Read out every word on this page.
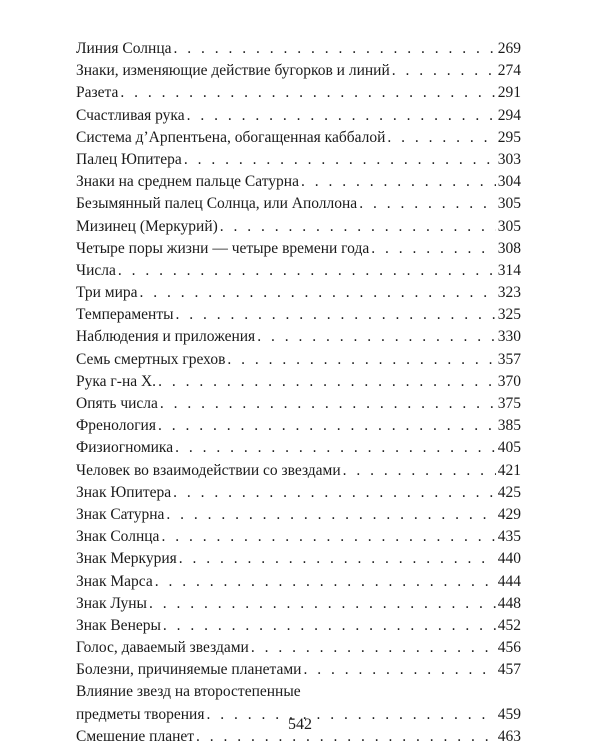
Линия Солнца . . .	269
Знаки, изменяющие действие бугорков и линий . . .	274
Разета . . .	291
Счастливая рука . . .	294
Система д’Арпентьена, обогащенная каббалой . . .	295
Палец Юпитера . . .	303
Знаки на среднем пальце Сатурна . . .	304
Безымянный палец Солнца, или Аполлона . . .	305
Мизинец (Меркурий) . . .	305
Четыре поры жизни — четыре времени года . . .	308
Числа . . .	314
Три мира . . .	323
Темпераменты . . .	325
Наблюдения и приложения . . .	330
Семь смертных грехов . . .	357
Рука г-на Х. . . .	370
Опять числа . . .	375
Френология . . .	385
Физиогномика . . .	405
Человек во взаимодействии со звездами . . .	421
Знак Юпитера . . .	425
Знак Сатурна . . .	429
Знак Солнца . . .	435
Знак Меркурия . . .	440
Знак Марса . . .	444
Знак Луны . . .	448
Знак Венеры . . .	452
Голос, даваемый звездами . . .	456
Болезни, причиняемые планетами . . .	457
Влияние звезд на второстепенные
предметы творения . . .	459
Смешение планет . . .	463
542
